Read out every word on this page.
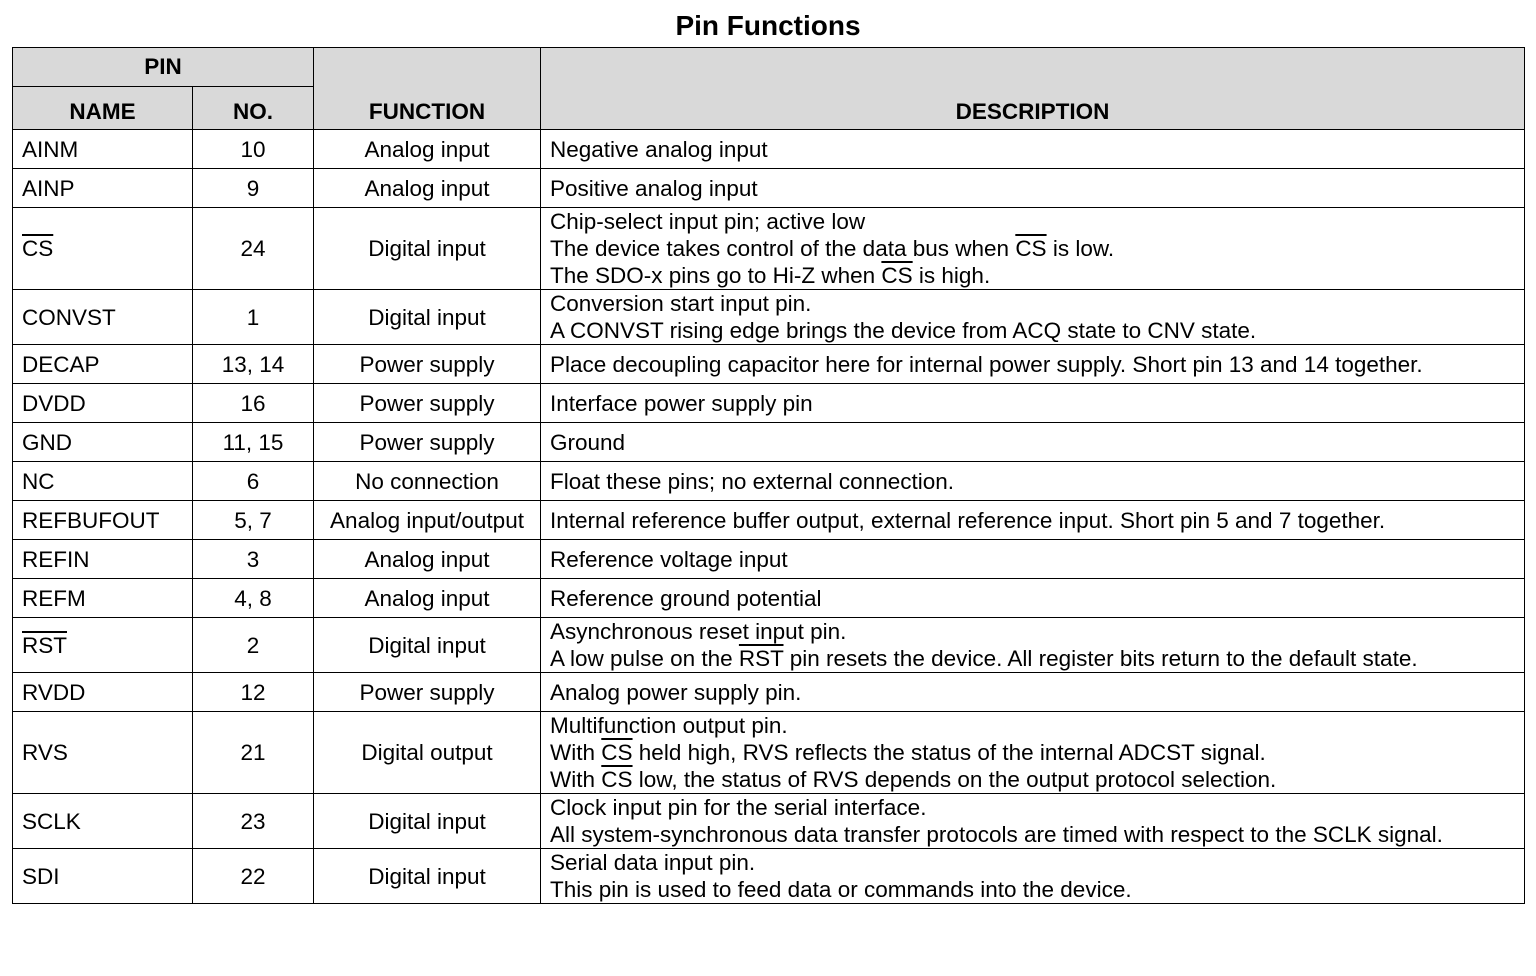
Pin Functions
PIN		FUNCTION	DESCRIPTION
NAME	NO.		
AINM	10	Analog input	Negative analog input

AINP	9	Analog input	Positive analog input

$\overline{CS}$	24	Digital input	Chip-select input pin; active low
The device takes control of the data bus when $\overline{CS}$ is low.
The SDO-x pins go to Hi-Z when $\overline{CS}$ is high.

CONVST	1	Digital input	Conversion start input pin.
A CONVST rising edge brings the device from ACQ state to CNV state.

DECAP	13, 14	Power supply	Place decoupling capacitor here for internal power supply. Short pin 13 and 14 together.

DVDD	16	Power supply	Interface power supply pin

GND	11, 15	Power supply	Ground

NC	6	No connection	Float these pins; no external connection.

REFBUFOUT	5, 7	Analog input/output	Internal reference buffer output, external reference input. Short pin 5 and 7 together.

REFIN	3	Analog input	Reference voltage input

REFM	4, 8	Analog input	Reference ground potential

$\overline{RST}$	2	Digital input	Asynchronous reset input pin.
A low pulse on the $\overline{RST}$ pin resets the device. All register bits return to the default state.

RVDD	12	Power supply	Analog power supply pin.

RVS	21	Digital output	Multifunction output pin.
With $\overline{CS}$ held high, RVS reflects the status of the internal ADCST signal.
With $\overline{CS}$ low, the status of RVS depends on the output protocol selection.

SCLK	23	Digital input	Clock input pin for the serial interface.
All system-synchronous data transfer protocols are timed with respect to the SCLK signal.

SDI	22	Digital input	Serial data input pin.
This pin is used to feed data or commands into the device.
